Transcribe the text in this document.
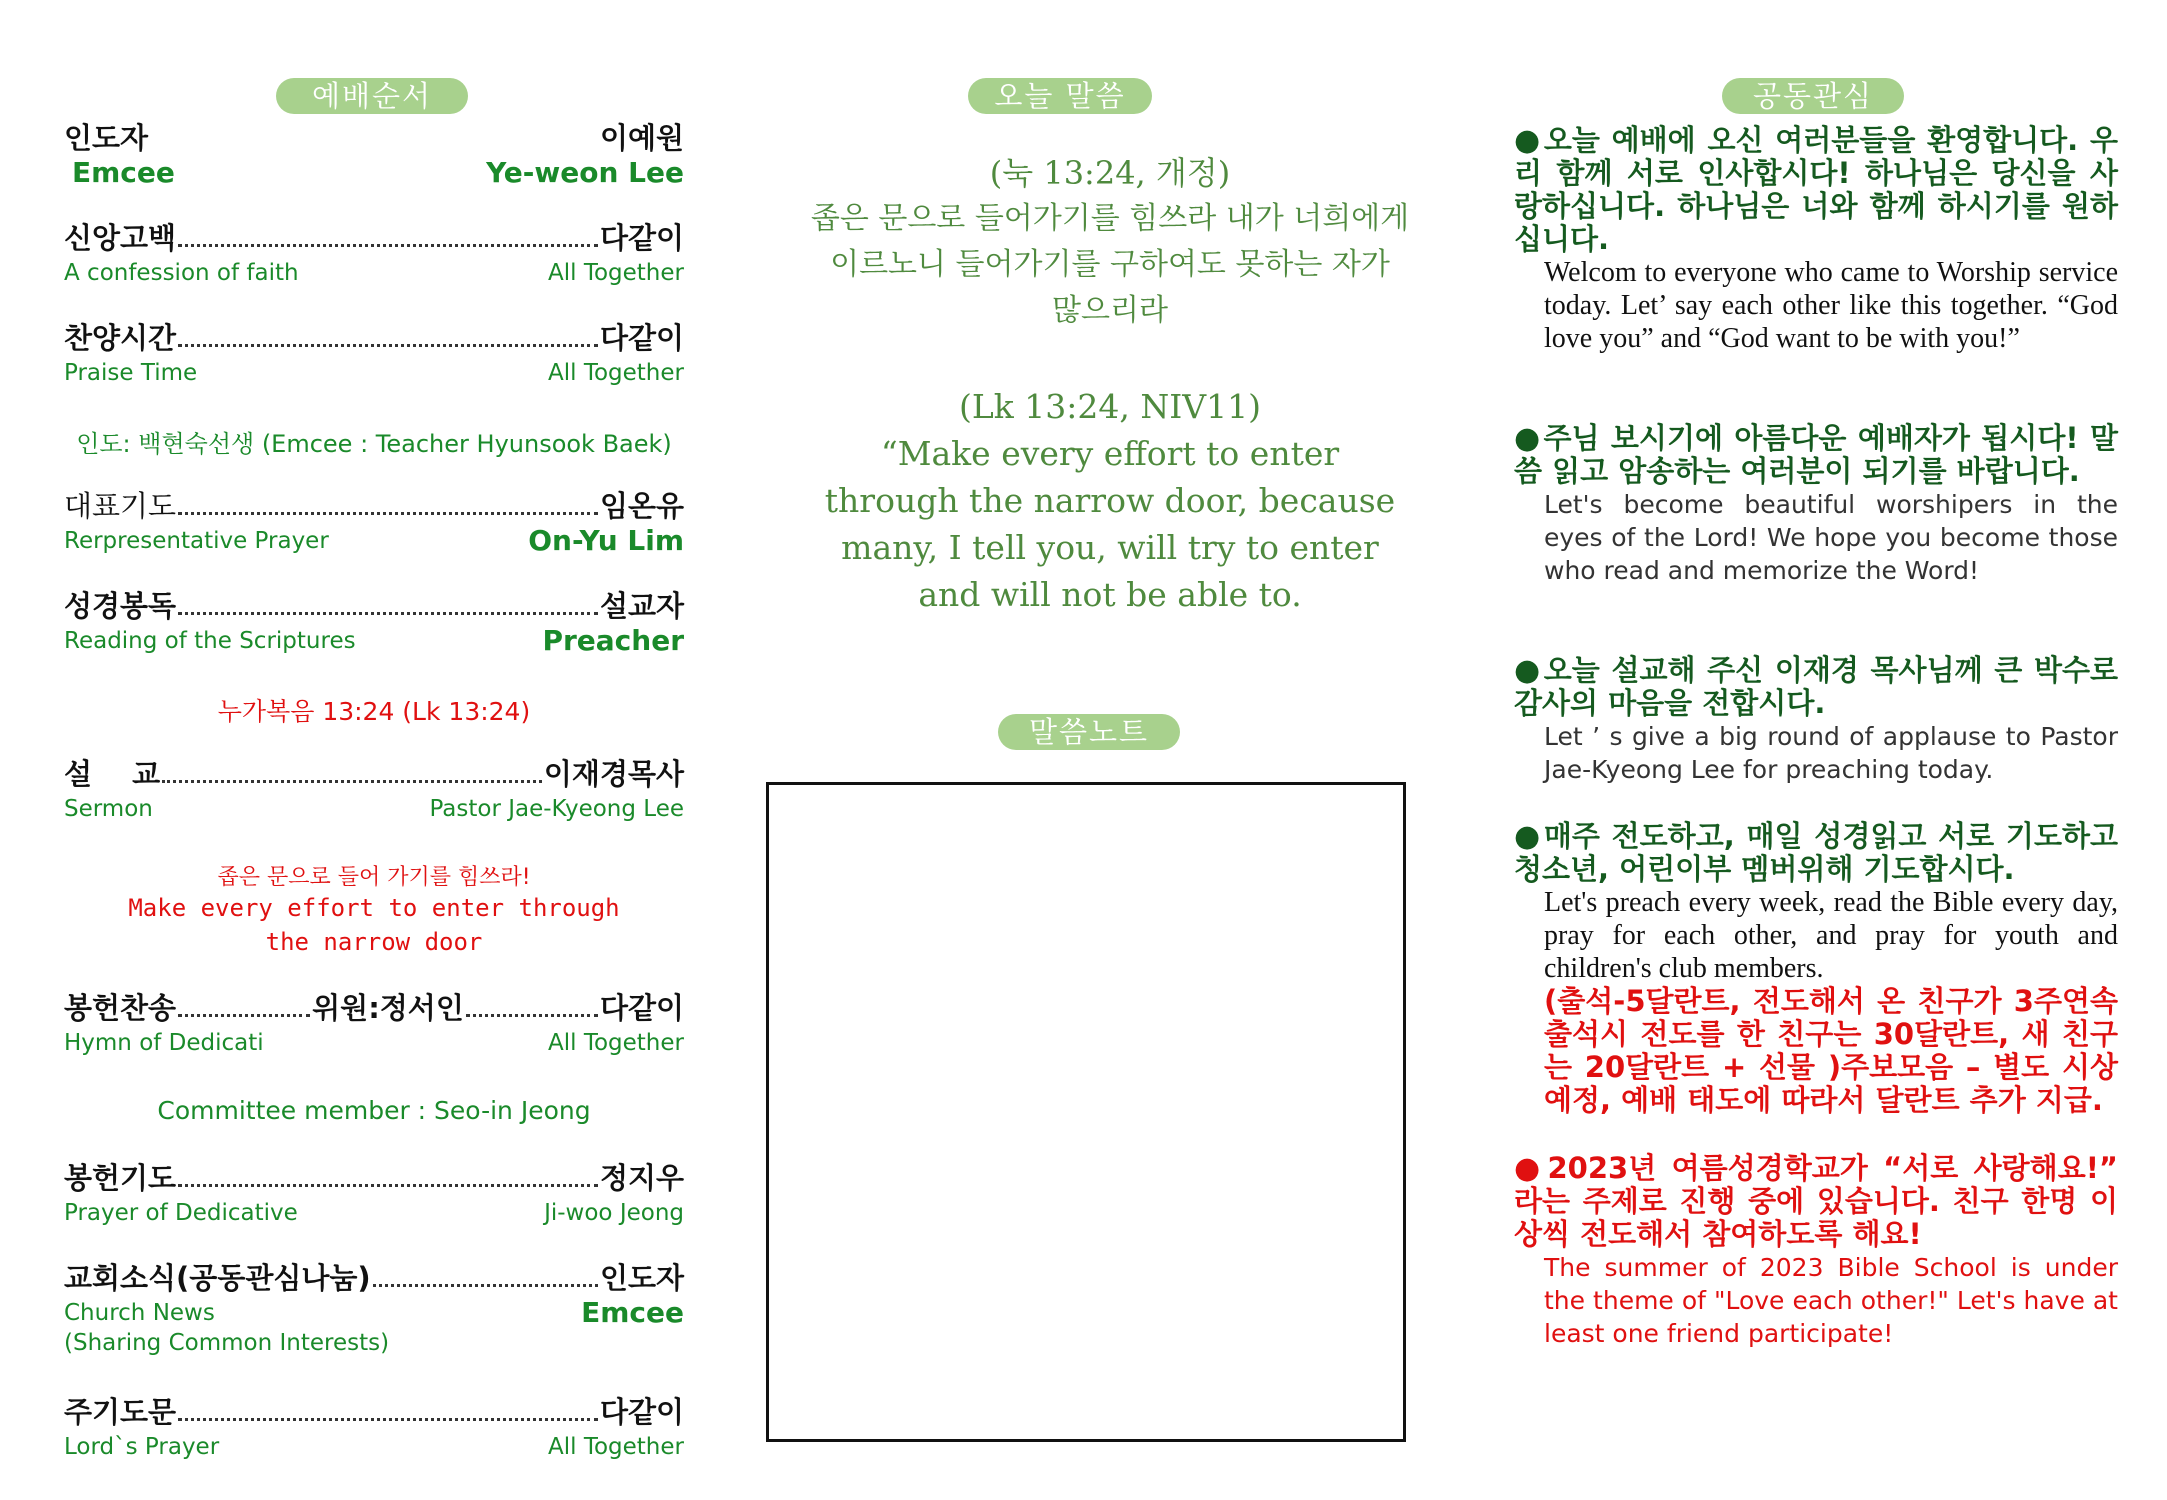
예배순서
인도자	이예원
Emcee	Ye-weon Lee
신앙고백	다같이
A confession of faith	All Together
찬양시간	다같이
Praise Time	All Together
인도: 백현숙선생 (Emcee : Teacher Hyunsook Baek)
대표기도	임온유
Rerpresentative Prayer	On-Yu Lim
성경봉독	설교자
Reading of the Scriptures	Preacher
누가복음 13:24 (Lk 13:24)
설 교	이재경목사
Sermon	Pastor Jae-Kyeong Lee
좁은 문으로 들어 가기를 힘쓰라!
Make every effort to enter through
the narrow door
봉헌찬송	위원:정서인	다같이
Hymn of Dedicati	All Together
Committee member : Seo-in Jeong
봉헌기도	정지우
Prayer of Dedicative	Ji-woo Jeong
교회소식(공동관심나눔)	인도자
Church News	Emcee
(Sharing Common Interests)
주기도문	다같이
Lord`s Prayer	All Together
오늘 말씀
(눅 13:24, 개정)
좁은 문으로 들어가기를 힘쓰라 내가 너희에게
이르노니 들어가기를 구하여도 못하는 자가
많으리라
(Lk 13:24, NIV11)
“Make every effort to enter
through the narrow door, because
many, I tell you, will try to enter
and will not be able to.
말씀노트
공동관심
●오늘 예배에 오신 여러분들을 환영합니다. 우리 함께 서로 인사합시다! 하나님은 당신을 사랑하십니다. 하나님은 너와 함께 하시기를 원하십니다.
Welcom to everyone who came to Worship service today. Let’ say each other like this together. “God love you” and “God want to be with you!”
●주님 보시기에 아름다운 예배자가 됩시다! 말씀 읽고 암송하는 여러분이 되기를 바랍니다.
Let's become beautiful worshipers in the eyes of the Lord! We hope you become those who read and memorize the Word!
●오늘 설교해 주신 이재경 목사님께 큰 박수로 감사의 마음을 전합시다.
Let ’ s give a big round of applause to Pastor Jae-Kyeong Lee for preaching today.
●매주 전도하고, 매일 성경읽고 서로 기도하고 청소년, 어린이부 멤버위해 기도합시다.
Let's preach every week, read the Bible every day, pray for each other, and pray for youth and children's club members.
(출석-5달란트, 전도해서 온 친구가 3주연속 출석시 전도를 한 친구는 30달란트, 새 친구는 20달란트 + 선물 )주보모음 – 별도 시상 예정, 예배 태도에 따라서 달란트 추가 지급.
●2023년 여름성경학교가 “서로 사랑해요!” 라는 주제로 진행 중에 있습니다. 친구 한명 이상씩 전도해서 참여하도록 해요!
The summer of 2023 Bible School is under the theme of "Love each other!" Let's have at least one friend participate!
